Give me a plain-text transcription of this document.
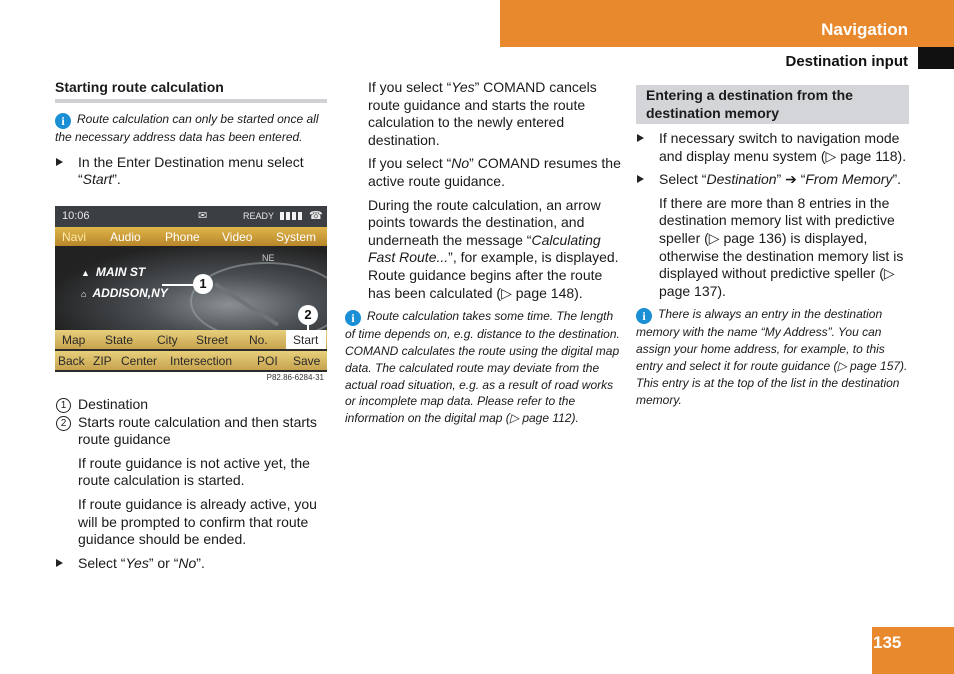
Navigation
Destination input
Starting route calculation

i Route calculation can only be started once all the necessary address data has been entered.

In the Enter Destination menu select “Start”.

10:06	✉	READY	☎
Navi Audio Phone Video System
NE
▲ MAIN ST
⌂ ADDISON,NY
1
2
Map State City Street No.	Start
Back ZIP Center Intersection POI Save
P82.86-6284-31

1 Destination

2 Starts route calculation and then starts route guidance

If route guidance is not active yet, the route calculation is started.

If route guidance is already active, you will be prompted to confirm that route guidance should be ended.

Select “Yes” or “No”.

If you select “Yes” COMAND cancels route guidance and starts the route calculation to the newly entered destination.

If you select “No” COMAND resumes the active route guidance.

During the route calculation, an arrow points towards the destination, and underneath the message “Calculating Fast Route...”, for example, is displayed.

Route guidance begins after the route has been calculated (▷ page 148).

i Route calculation takes some time. The length of time depends on, e.g. distance to the destination. COMAND calculates the route using the digital map data. The calculated route may deviate from the actual road situation, e.g. as a result of road works or incomplete map data. Please refer to the information on the digital map (▷ page 112).

Entering a destination from the destination memory

If necessary switch to navigation mode and display menu system (▷ page 118).

Select “Destination” ➔ “From Memory”.

If there are more than 8 entries in the destination memory list with predictive speller (▷ page 136) is displayed, otherwise the destination memory list is displayed without predictive speller (▷ page 137).

i There is always an entry in the destination memory with the name “My Address”. You can assign your home address, for example, to this entry and select it for route guidance (▷ page 157). This entry is at the top of the list in the destination memory.

135
